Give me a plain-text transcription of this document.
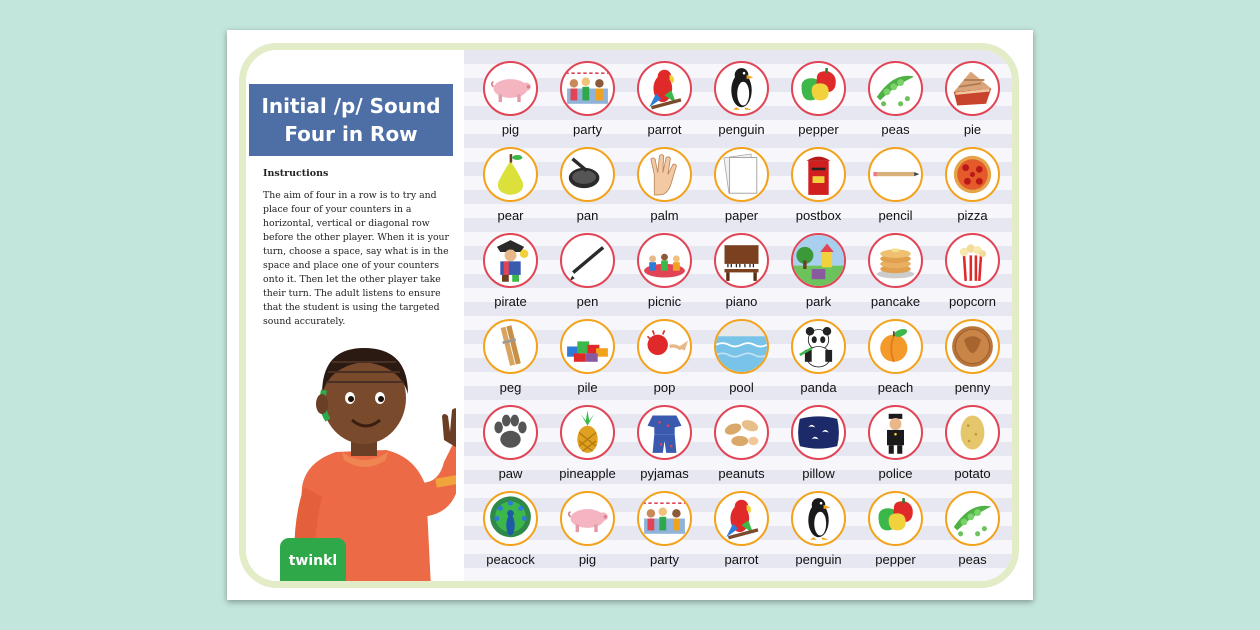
Initial /p/ Sound
Four in Row
Instructions
The aim of four in a row is to try and place four of your counters in a horizontal, vertical or diagonal row before the other player. When it is your turn, choose a space, say what is in the space and place one of your counters onto it. Then let the other player take their turn. The adult listens to ensure that the student is using the targeted sound accurately.
twinkl
pig	party	parrot	penguin	pepper	peas	pie
pear	pan	palm	paper	postbox	pencil	pizza
pirate	pen	picnic	piano	park	pancake	popcorn
peg	pile	pop	pool	panda	peach	penny
paw	pineapple	pyjamas	peanuts	pillow	police	potato
peacock	pig	party	parrot	penguin	pepper	peas
